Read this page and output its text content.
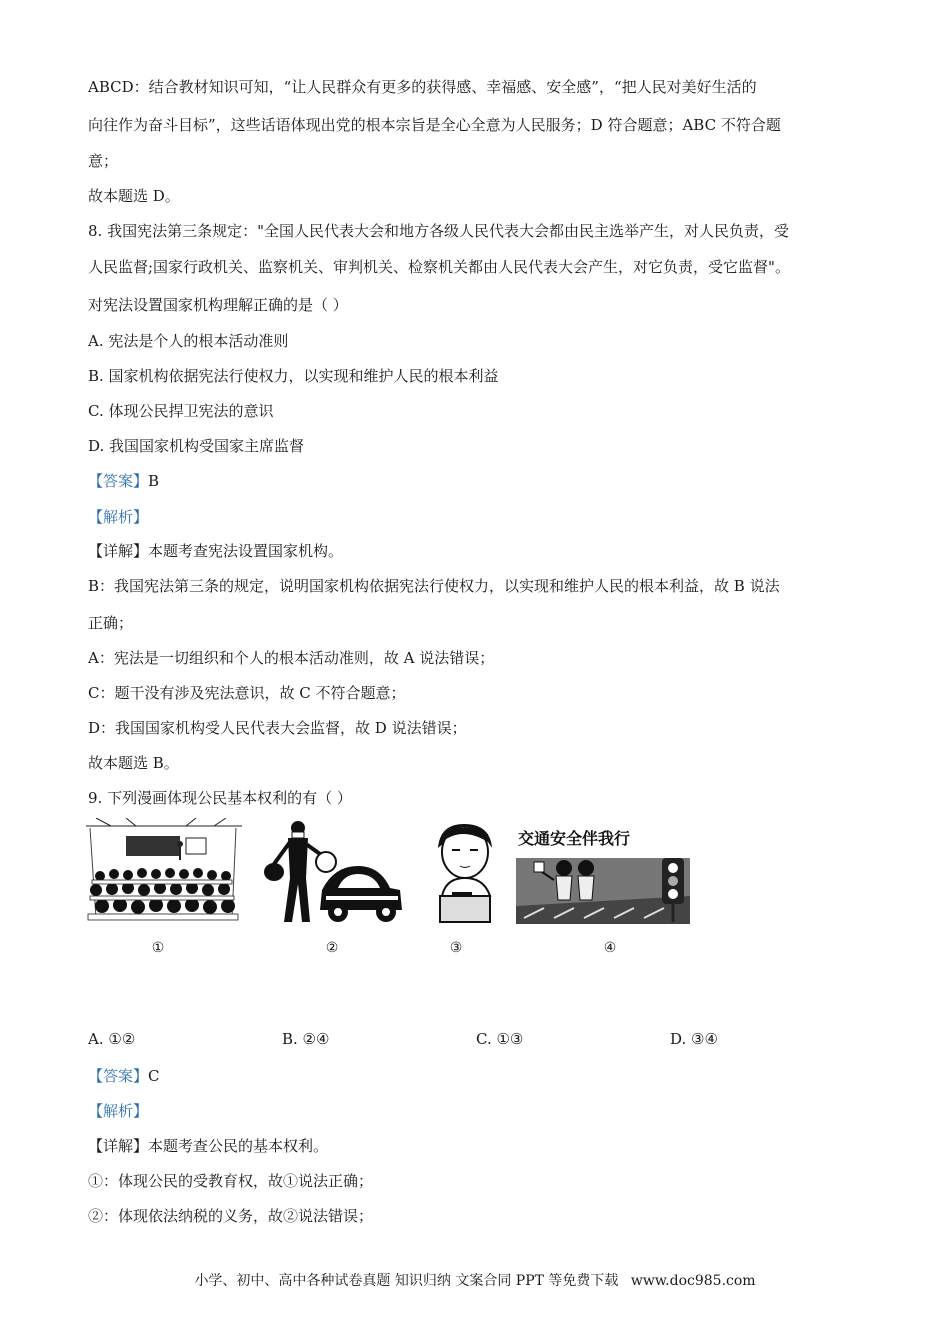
ABCD：结合教材知识可知，“让人民群众有更多的获得感、幸福感、安全感”，“把人民对美好生活的
向往作为奋斗目标”，这些话语体现出党的根本宗旨是全心全意为人民服务；D 符合题意；ABC 不符合题
意；
故本题选 D。
8. 我国宪法第三条规定："全国人民代表大会和地方各级人民代表大会都由民主选举产生，对人民负责，受
人民监督;国家行政机关、监察机关、审判机关、检察机关都由人民代表大会产生，对它负责，受它监督"。
对宪法设置国家机构理解正确的是（ ）
A. 宪法是个人的根本活动准则
B. 国家机构依据宪法行使权力，以实现和维护人民的根本利益
C. 体现公民捍卫宪法的意识
D. 我国国家机构受国家主席监督
【答案】B
【解析】
【详解】本题考查宪法设置国家机构。
B：我国宪法第三条的规定，说明国家机构依据宪法行使权力，以实现和维护人民的根本利益，故 B 说法
正确；
A：宪法是一切组织和个人的根本活动准则，故 A 说法错误；
C：题干没有涉及宪法意识，故 C 不符合题意；
D：我国国家机构受人民代表大会监督，故 D 说法错误；
故本题选 B。
9. 下列漫画体现公民基本权利的有（ ）
交通安全伴我行
①	②	③	④
A. ①②	B. ②④	C. ①③	D. ③④
【答案】C
【解析】
【详解】本题考查公民的基本权利。
①：体现公民的受教育权，故①说法正确；
②：体现依法纳税的义务，故②说法错误；
小学、初中、高中各种试卷真题 知识归纳 文案合同 PPT 等免费下载 www.doc985.com
